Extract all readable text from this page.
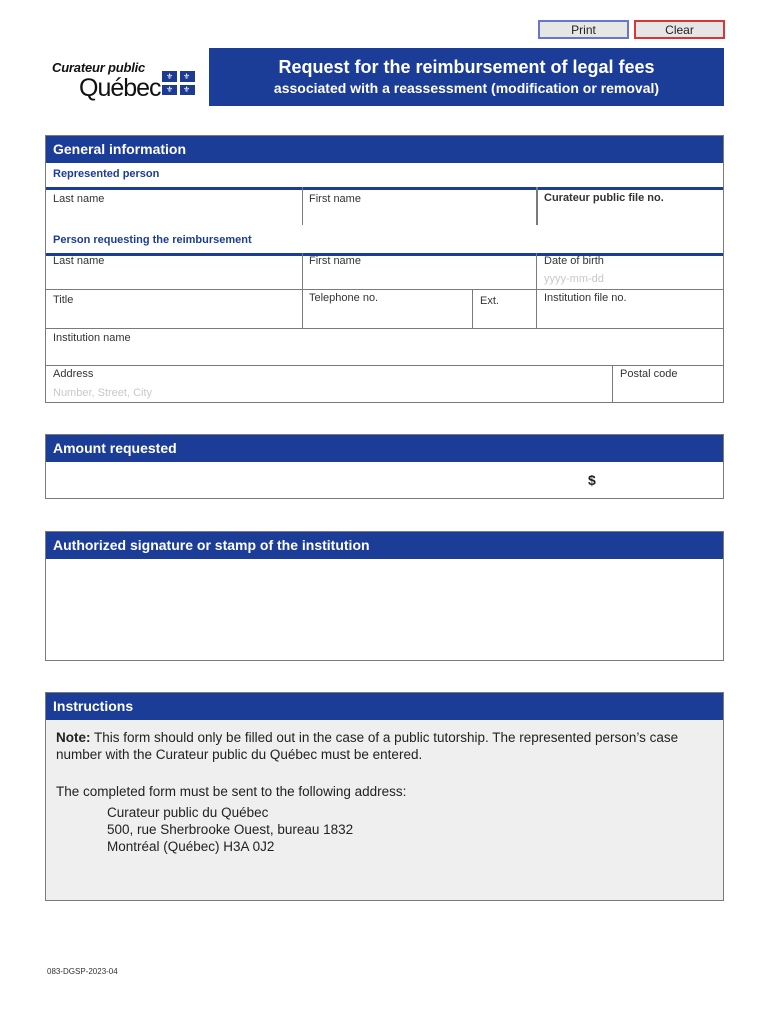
Print	Clear
Curateur public
Québec ⚜ ⚜
⚜ ⚜
Request for the reimbursement of legal fees
associated with a reassessment (modification or removal)
General information
Represented person
Last name	First name	Curateur public file no.
Person requesting the reimbursement
Last name	First name	Date of birth
yyyy-mm-dd
Title	Telephone no.	Ext.	Institution file no.
Institution name
Address
Number, Street, City
Postal code
Amount requested
$
Authorized signature or stamp of the institution
Instructions
Note: This form should only be filled out in the case of a public tutorship. The represented person’s case number with the Curateur public du Québec must be entered.
The completed form must be sent to the following address:
Curateur public du Québec
500, rue Sherbrooke Ouest, bureau 1832
Montréal (Québec) H3A 0J2
083-DGSP-2023-04
